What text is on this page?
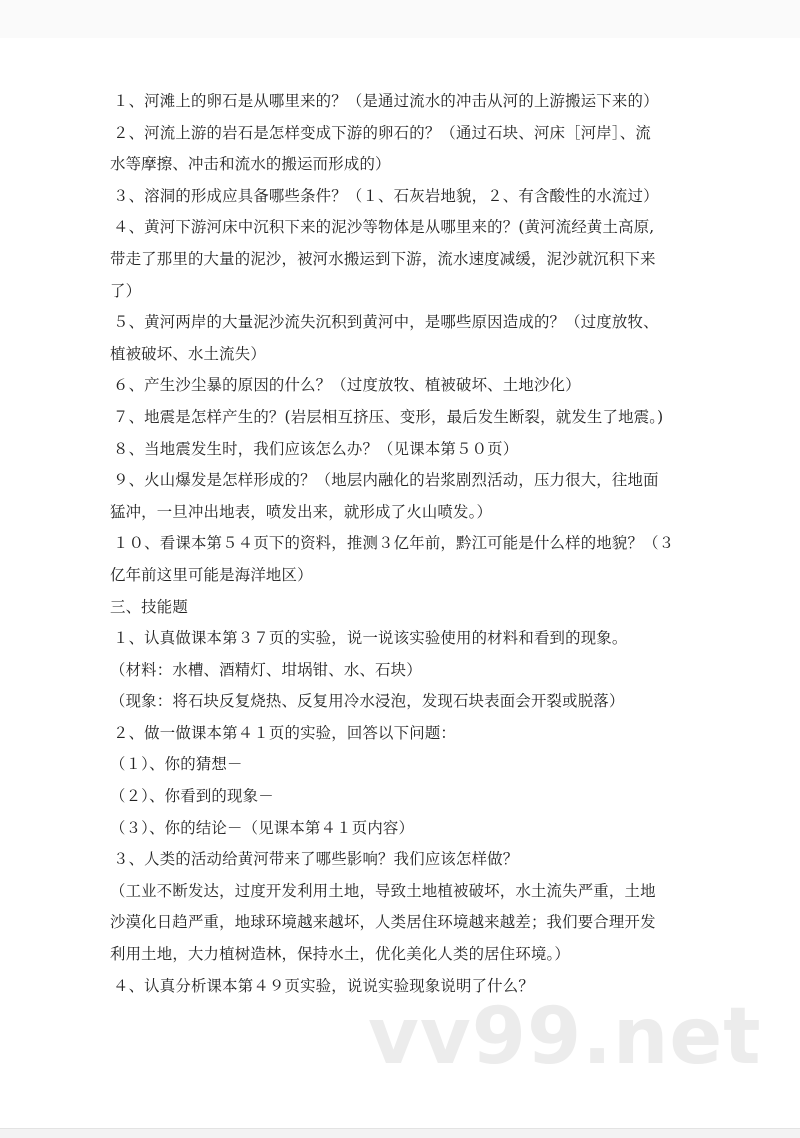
１、河滩上的卵石是从哪里来的？（是通过流水的冲击从河的上游搬运下来的）
２、河流上游的岩石是怎样变成下游的卵石的？（通过石块、河床［河岸］、流
水等摩擦、冲击和流水的搬运而形成的）
３、溶洞的形成应具备哪些条件？（１、石灰岩地貌，２、有含酸性的水流过）
４、黄河下游河床中沉积下来的泥沙等物体是从哪里来的？(黄河流经黄土高原,
带走了那里的大量的泥沙，被河水搬运到下游，流水速度减缓，泥沙就沉积下来
了）
５、黄河两岸的大量泥沙流失沉积到黄河中，是哪些原因造成的？（过度放牧、
植被破坏、水土流失）
６、产生沙尘暴的原因的什么？（过度放牧、植被破坏、土地沙化）
７、地震是怎样产生的？(岩层相互挤压、变形，最后发生断裂，就发生了地震。)
８、当地震发生时，我们应该怎么办？（见课本第５０页）
９、火山爆发是怎样形成的？（地层内融化的岩浆剧烈活动，压力很大，往地面
猛冲，一旦冲出地表，喷发出来，就形成了火山喷发。）
１０、看课本第５４页下的资料，推测３亿年前，黔江可能是什么样的地貌？（３
亿年前这里可能是海洋地区）
三、技能题
１、认真做课本第３７页的实验，说一说该实验使用的材料和看到的现象。
（材料：水槽、酒精灯、坩埚钳、水、石块）
（现象：将石块反复烧热、反复用冷水浸泡，发现石块表面会开裂或脱落）
２、做一做课本第４１页的实验，回答以下问题：
（１）、你的猜想－
（２）、你看到的现象－
（３）、你的结论－（见课本第４１页内容）
３、人类的活动给黄河带来了哪些影响？我们应该怎样做？
（工业不断发达，过度开发利用土地，导致土地植被破坏，水土流失严重，土地
沙漠化日趋严重，地球环境越来越坏，人类居住环境越来越差；我们要合理开发
利用土地，大力植树造林，保持水土，优化美化人类的居住环境。）
４、认真分析课本第４９页实验，说说实验现象说明了什么？
vv99.net
